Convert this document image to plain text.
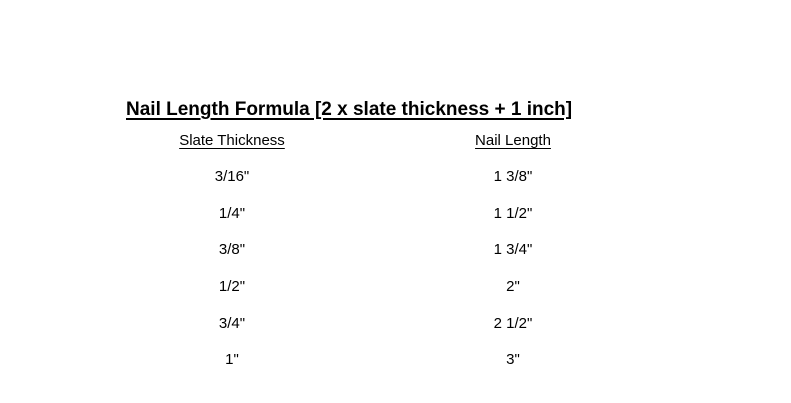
Nail Length Formula [2 x slate thickness + 1 inch]
Slate Thickness	Nail Length
3/16"	1 3/8"
1/4"	1 1/2"
3/8"	1 3/4"
1/2"	2"
3/4"	2 1/2"
1"	3"
